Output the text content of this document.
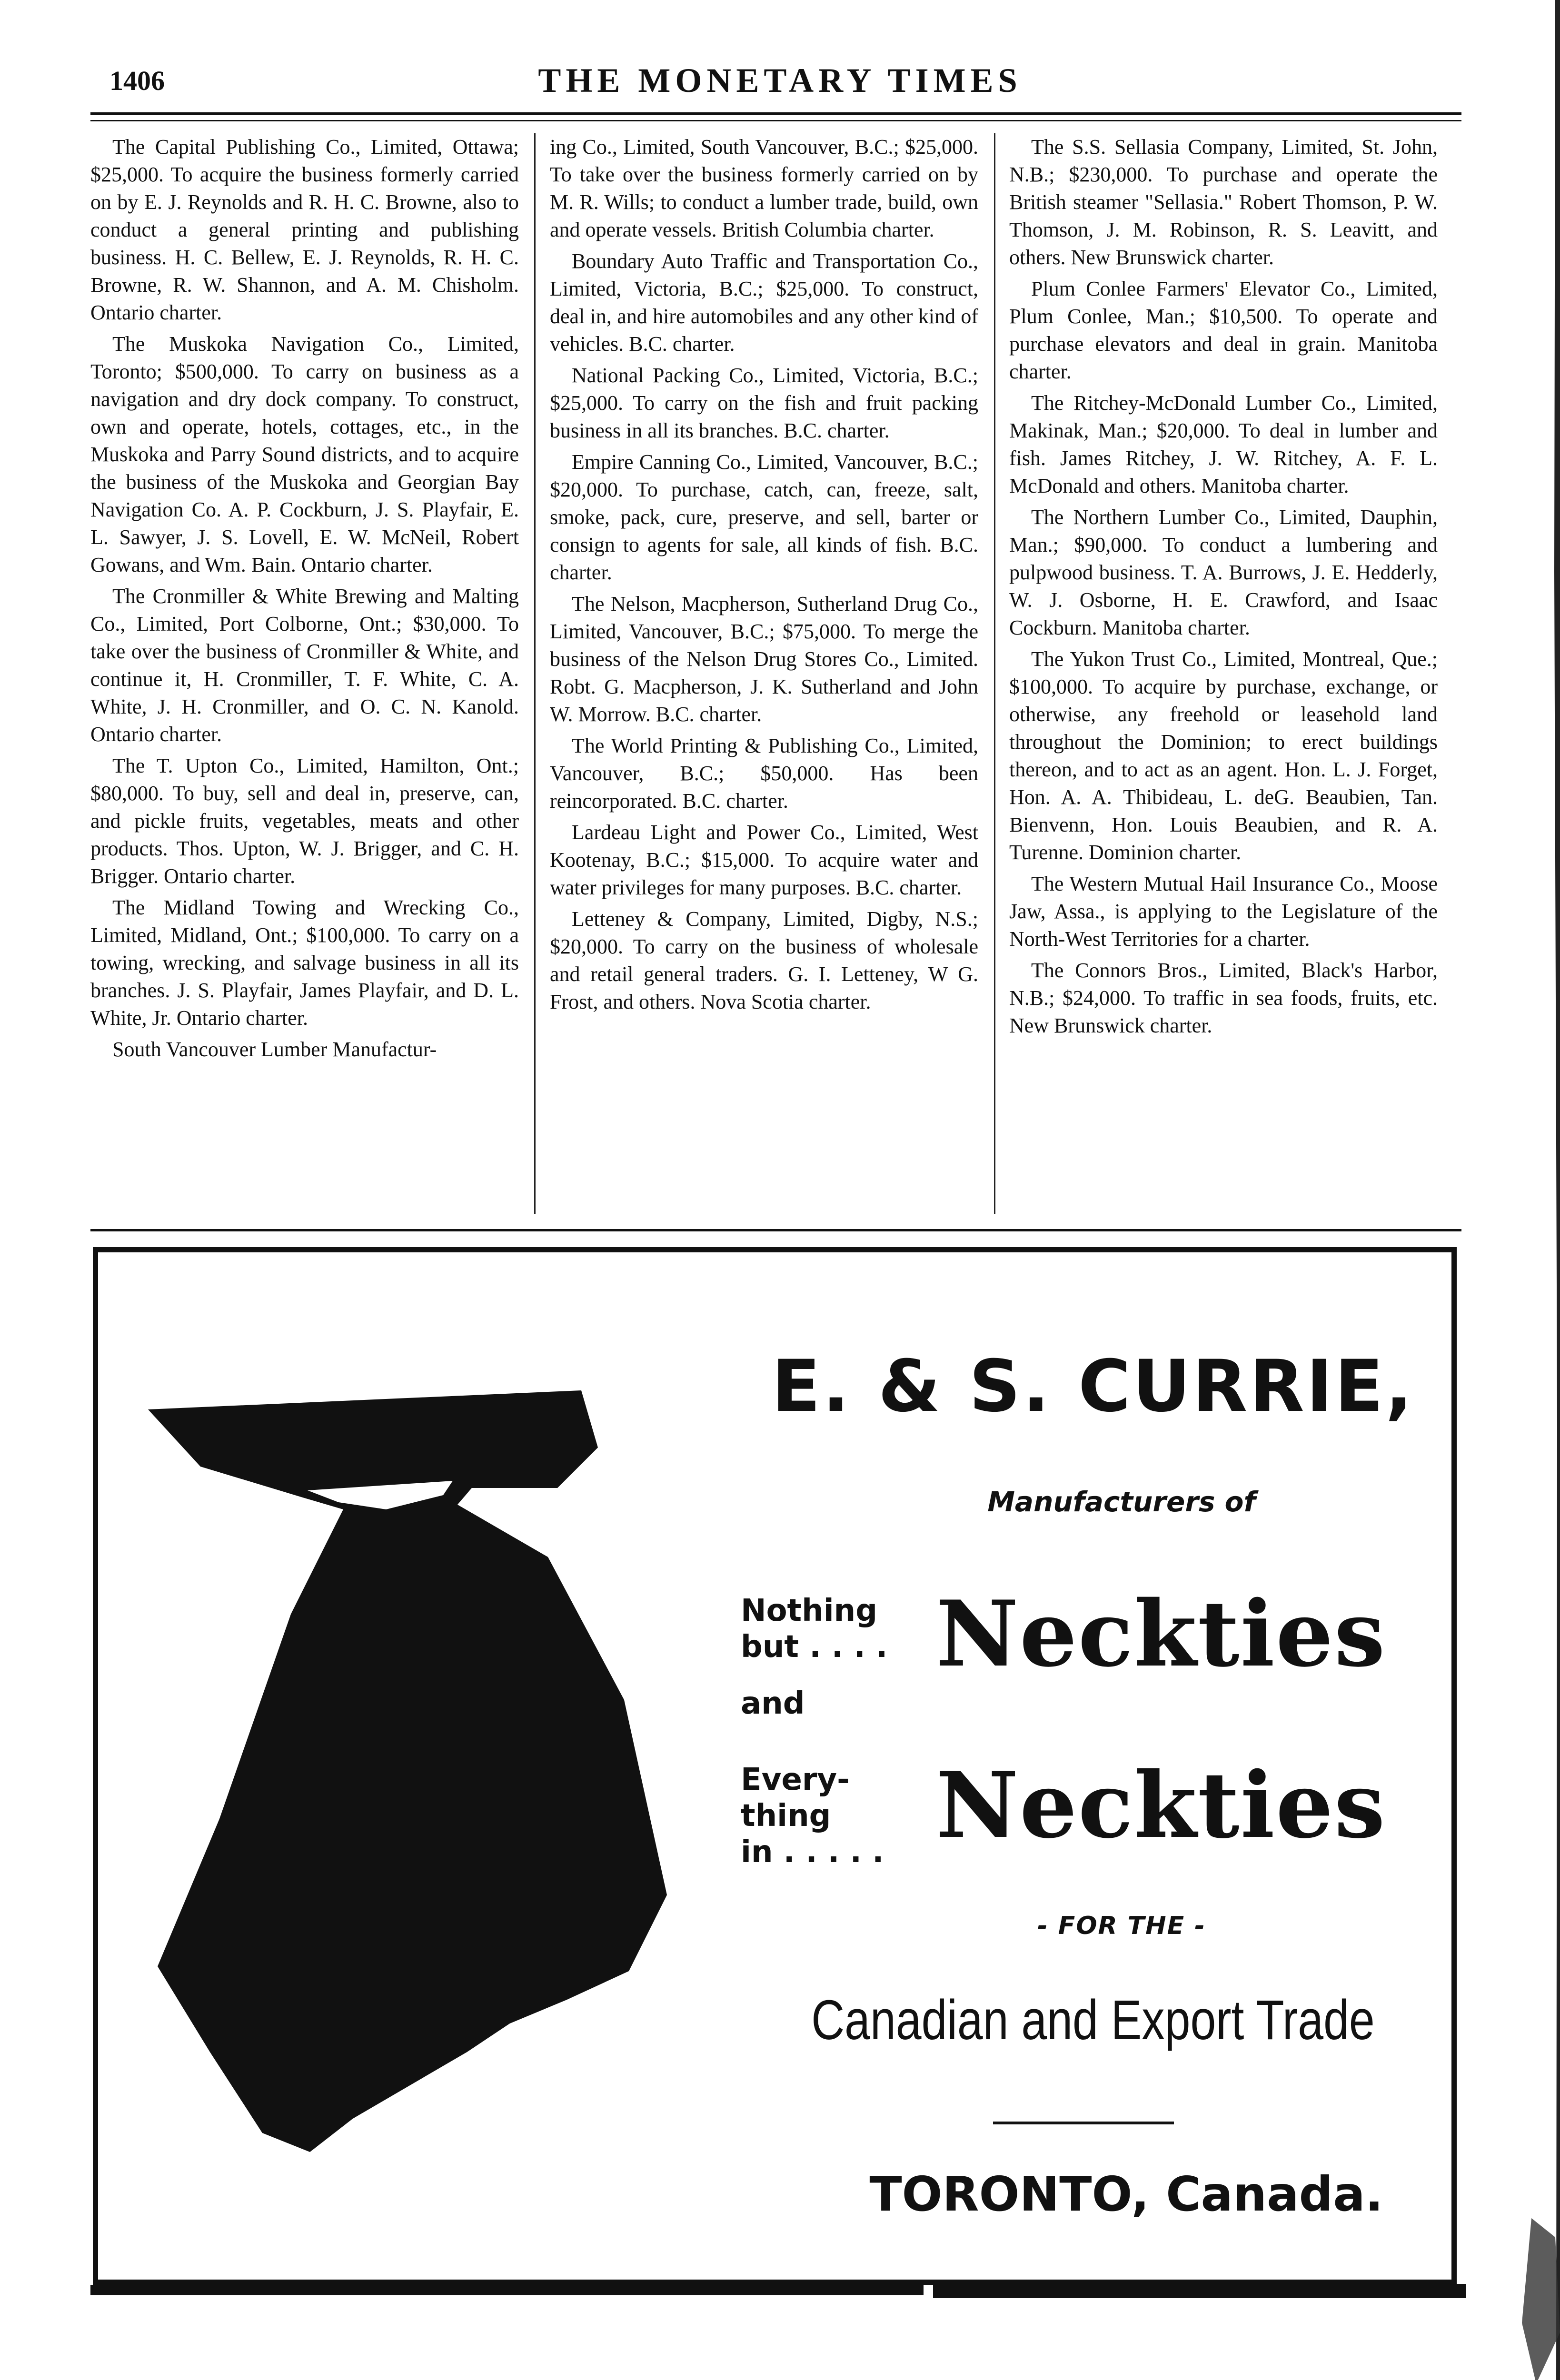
1406	THE MONETARY TIMES

The Capital Publishing Co., Limited, Ottawa; $25,000. To acquire the business formerly carried on by E. J. Reynolds and R. H. C. Browne, also to conduct a general printing and publishing business. H. C. Bellew, E. J. Reynolds, R. H. C. Browne, R. W. Shannon, and A. M. Chisholm. Ontario charter.

The Muskoka Navigation Co., Limited, Toronto; $500,000. To carry on business as a navigation and dry dock company. To construct, own and operate, hotels, cottages, etc., in the Muskoka and Parry Sound districts, and to acquire the business of the Muskoka and Georgian Bay Navigation Co. A. P. Cockburn, J. S. Playfair, E. L. Sawyer, J. S. Lovell, E. W. McNeil, Robert Gowans, and Wm. Bain. Ontario charter.

The Cronmiller & White Brewing and Malting Co., Limited, Port Colborne, Ont.; $30,000. To take over the business of Cronmiller & White, and continue it, H. Cronmiller, T. F. White, C. A. White, J. H. Cronmiller, and O. C. N. Kanold. Ontario charter.

The T. Upton Co., Limited, Hamilton, Ont.; $80,000. To buy, sell and deal in, preserve, can, and pickle fruits, vegetables, meats and other products. Thos. Upton, W. J. Brigger, and C. H. Brigger. Ontario charter.

The Midland Towing and Wrecking Co., Limited, Midland, Ont.; $100,000. To carry on a towing, wrecking, and salvage business in all its branches. J. S. Playfair, James Playfair, and D. L. White, Jr. Ontario charter.

South Vancouver Lumber Manufactur-

ing Co., Limited, South Vancouver, B.C.; $25,000. To take over the business formerly carried on by M. R. Wills; to conduct a lumber trade, build, own and operate vessels. British Columbia charter.

Boundary Auto Traffic and Transportation Co., Limited, Victoria, B.C.; $25,000. To construct, deal in, and hire automobiles and any other kind of vehicles. B.C. charter.

National Packing Co., Limited, Victoria, B.C.; $25,000. To carry on the fish and fruit packing business in all its branches. B.C. charter.

Empire Canning Co., Limited, Vancouver, B.C.; $20,000. To purchase, catch, can, freeze, salt, smoke, pack, cure, preserve, and sell, barter or consign to agents for sale, all kinds of fish. B.C. charter.

The Nelson, Macpherson, Sutherland Drug Co., Limited, Vancouver, B.C.; $75,000. To merge the business of the Nelson Drug Stores Co., Limited. Robt. G. Macpherson, J. K. Sutherland and John W. Morrow. B.C. charter.

The World Printing & Publishing Co., Limited, Vancouver, B.C.; $50,000. Has been reincorporated. B.C. charter.

Lardeau Light and Power Co., Limited, West Kootenay, B.C.; $15,000. To acquire water and water privileges for many purposes. B.C. charter.

Letteney & Company, Limited, Digby, N.S.; $20,000. To carry on the business of wholesale and retail general traders. G. I. Letteney, W G. Frost, and others. Nova Scotia charter.

The S.S. Sellasia Company, Limited, St. John, N.B.; $230,000. To purchase and operate the British steamer "Sellasia." Robert Thomson, P. W. Thomson, J. M. Robinson, R. S. Leavitt, and others. New Brunswick charter.

Plum Conlee Farmers' Elevator Co., Limited, Plum Conlee, Man.; $10,500. To operate and purchase elevators and deal in grain. Manitoba charter.

The Ritchey-McDonald Lumber Co., Limited, Makinak, Man.; $20,000. To deal in lumber and fish. James Ritchey, J. W. Ritchey, A. F. L. McDonald and others. Manitoba charter.

The Northern Lumber Co., Limited, Dauphin, Man.; $90,000. To conduct a lumbering and pulpwood business. T. A. Burrows, J. E. Hedderly, W. J. Osborne, H. E. Crawford, and Isaac Cockburn. Manitoba charter.

The Yukon Trust Co., Limited, Montreal, Que.; $100,000. To acquire by purchase, exchange, or otherwise, any freehold or leasehold land throughout the Dominion; to erect buildings thereon, and to act as an agent. Hon. L. J. Forget, Hon. A. A. Thibideau, L. deG. Beaubien, Tan. Bienvenn, Hon. Louis Beaubien, and R. A. Turenne. Dominion charter.

The Western Mutual Hail Insurance Co., Moose Jaw, Assa., is applying to the Legislature of the North-West Territories for a charter.

The Connors Bros., Limited, Black's Harbor, N.B.; $24,000. To traffic in sea foods, fruits, etc. New Brunswick charter.

E. & S. CURRIE,
Manufacturers of
Nothing
but . . . . Neckties
and
Every-
thing
in . . . . . Neckties
- FOR THE -
Canadian and Export Trade
TORONTO, Canada.
